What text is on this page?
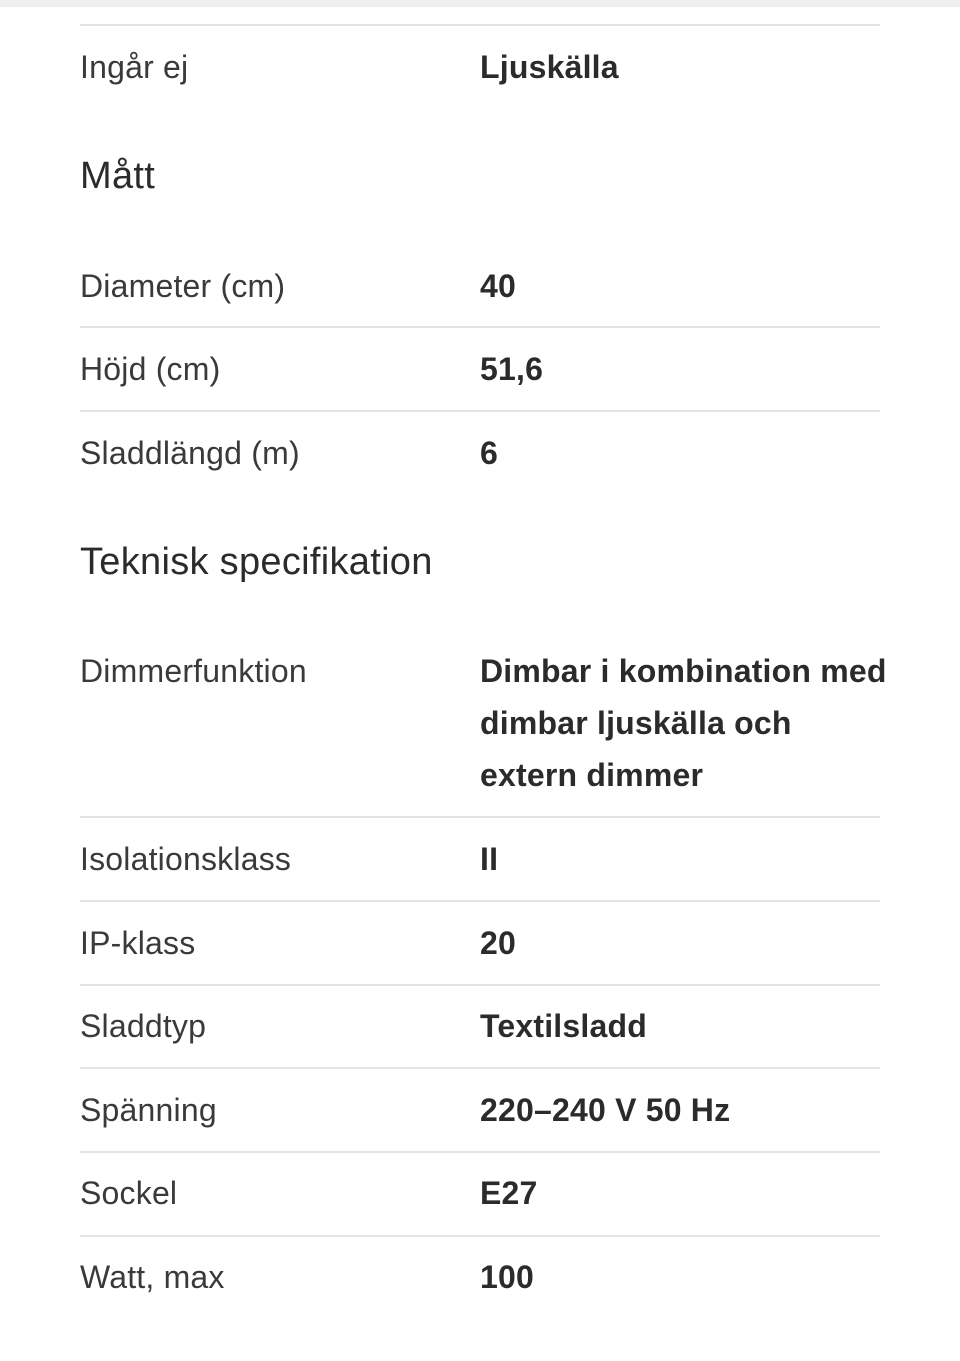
Ingår ej	Ljuskälla
Mått
Diameter (cm)	40
Höjd (cm)	51,6
Sladdlängd (m)	6
Teknisk specifikation
Dimmerfunktion	Dimbar i kombination med dimbar ljuskälla och extern dimmer
Isolationsklass	II
IP-klass	20
Sladdtyp	Textilsladd
Spänning	220–240 V 50 Hz
Sockel	E27
Watt, max	100
